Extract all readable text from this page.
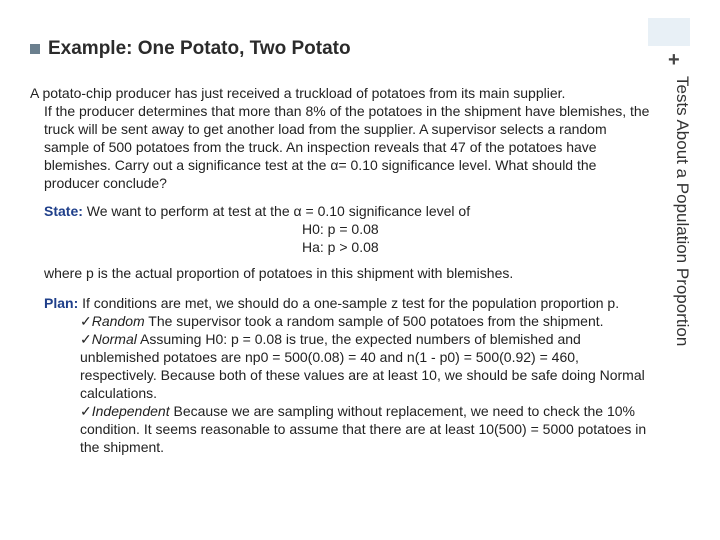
+
Example: One Potato, Two Potato
Tests About a Population Proportion
A potato-chip producer has just received a truckload of potatoes from its main supplier.
If the producer determines that more than 8% of the potatoes in the shipment have blemishes, the truck will be sent away to get another load from the supplier. A supervisor selects a random sample of 500 potatoes from the truck. An inspection reveals that 47 of the potatoes have blemishes. Carry out a significance test at the α= 0.10 significance level. What should the producer conclude?
State: We want to perform at test at the α = 0.10 significance level of
H0: p = 0.08
Ha: p > 0.08
where p is the actual proportion of potatoes in this shipment with blemishes.
Plan: If conditions are met, we should do a one-sample z test for the population proportion p.
✓Random The supervisor took a random sample of 500 potatoes from the shipment.
✓Normal Assuming H0: p = 0.08 is true, the expected numbers of blemished and unblemished potatoes are np0 = 500(0.08) = 40 and n(1 - p0) = 500(0.92) = 460, respectively. Because both of these values are at least 10, we should be safe doing Normal calculations.
✓Independent Because we are sampling without replacement, we need to check the 10% condition. It seems reasonable to assume that there are at least 10(500) = 5000 potatoes in the shipment.
